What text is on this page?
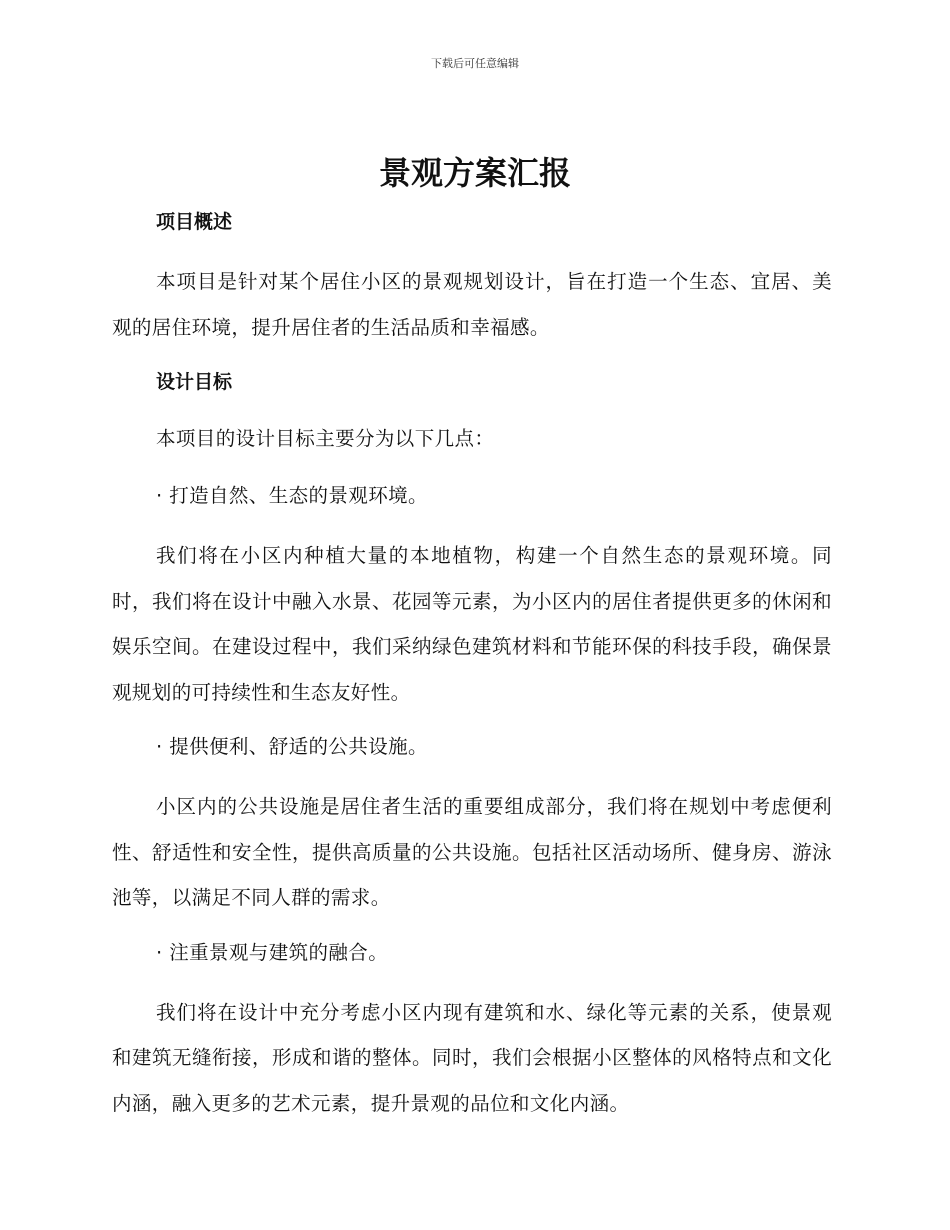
下载后可任意编辑
景观方案汇报
项目概述

本项目是针对某个居住小区的景观规划设计，旨在打造一个生态、宜居、美观的居住环境，提升居住者的生活品质和幸福感。

设计目标
本项目的设计目标主要分为以下几点：
· 打造自然、生态的景观环境。

我们将在小区内种植大量的本地植物，构建一个自然生态的景观环境。同时，我们将在设计中融入水景、花园等元素，为小区内的居住者提供更多的休闲和娱乐空间。在建设过程中，我们采纳绿色建筑材料和节能环保的科技手段，确保景观规划的可持续性和生态友好性。

· 提供便利、舒适的公共设施。

小区内的公共设施是居住者生活的重要组成部分，我们将在规划中考虑便利性、舒适性和安全性，提供高质量的公共设施。包括社区活动场所、健身房、游泳池等，以满足不同人群的需求。

· 注重景观与建筑的融合。

我们将在设计中充分考虑小区内现有建筑和水、绿化等元素的关系，使景观和建筑无缝衔接，形成和谐的整体。同时，我们会根据小区整体的风格特点和文化内涵，融入更多的艺术元素，提升景观的品位和文化内涵。
